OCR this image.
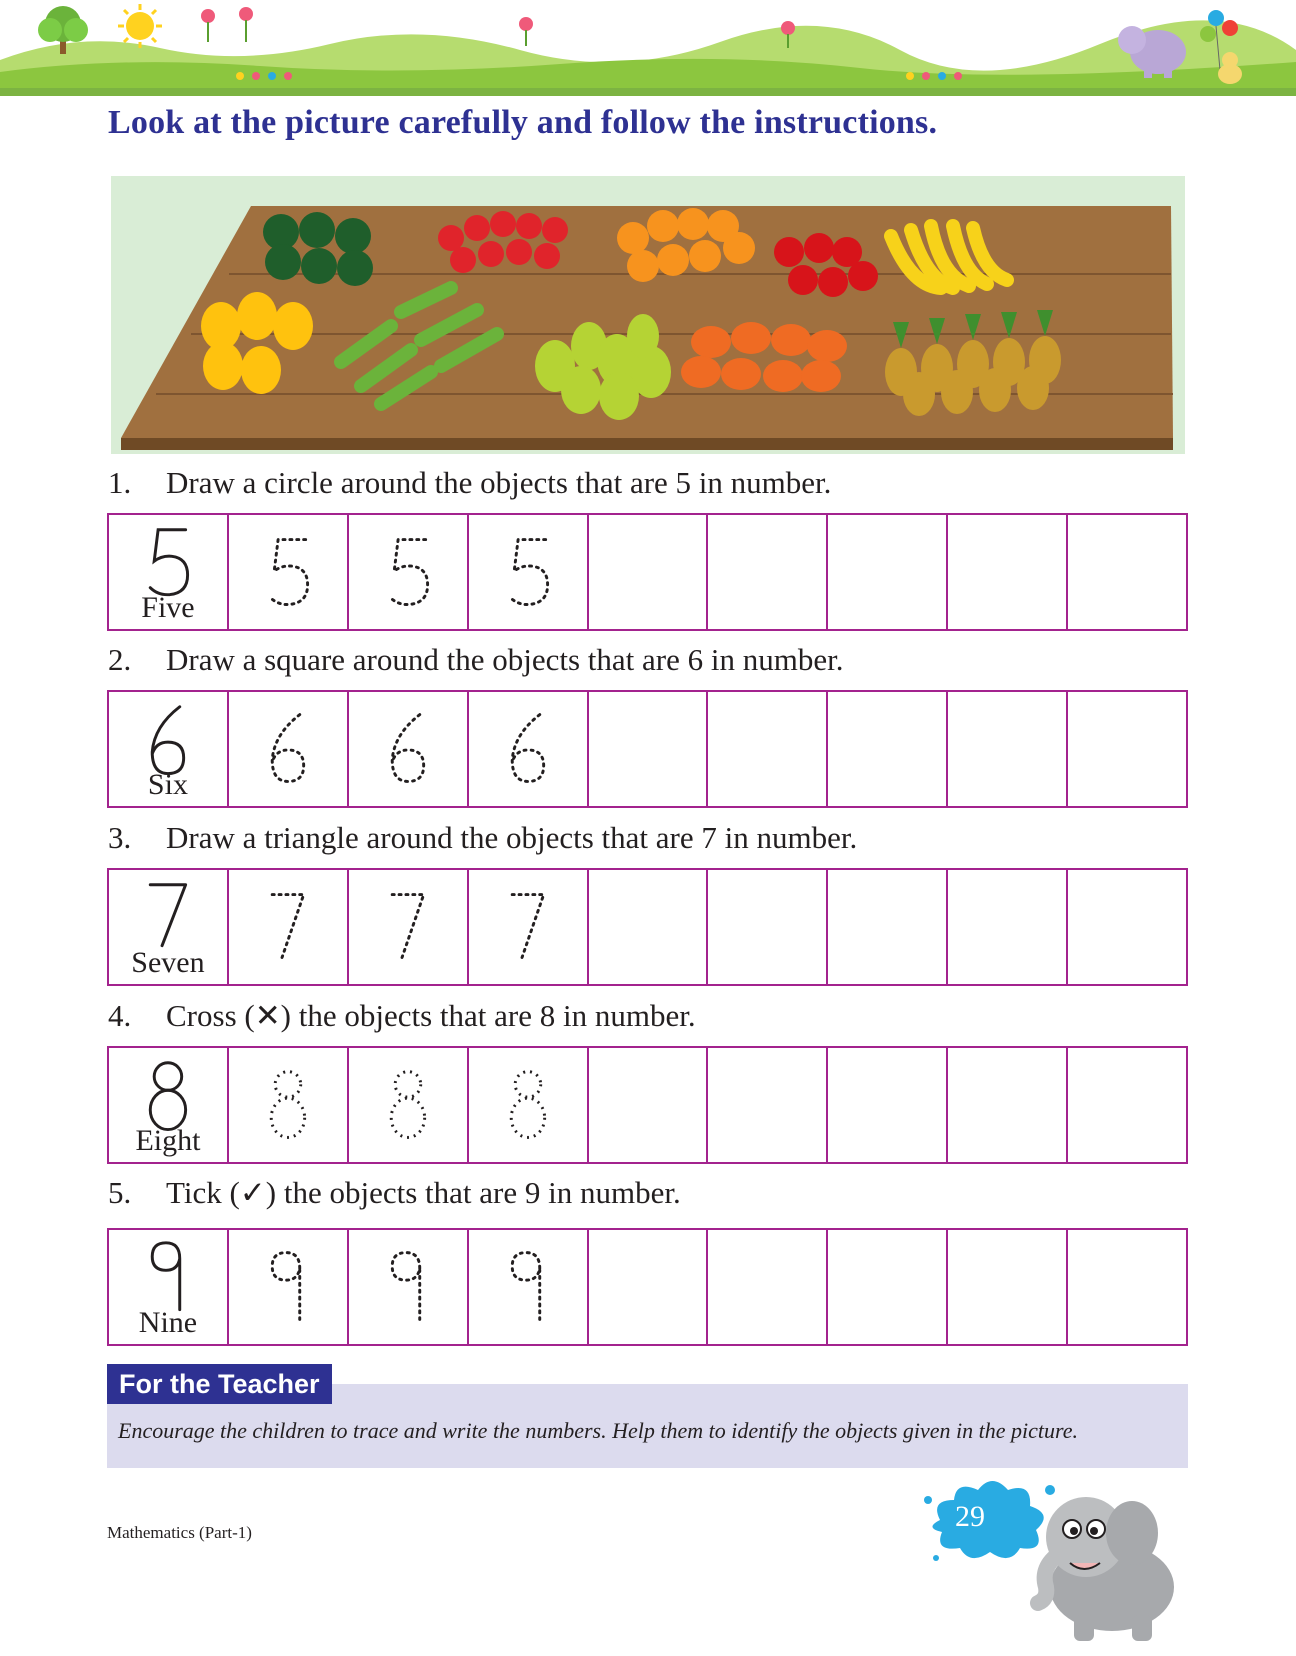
Look at the picture carefully and follow the instructions.
1. Draw a circle around the objects that are 5 in number.
Five
2. Draw a square around the objects that are 6 in number.
Six
3. Draw a triangle around the objects that are 7 in number.
Seven
4. Cross (✕) the objects that are 8 in number.
Eight
5. Tick (✓) the objects that are 9 in number.
Nine
For the Teacher
Encourage the children to trace and write the numbers. Help them to identify the objects given in the picture.
Mathematics (Part-1)	29
